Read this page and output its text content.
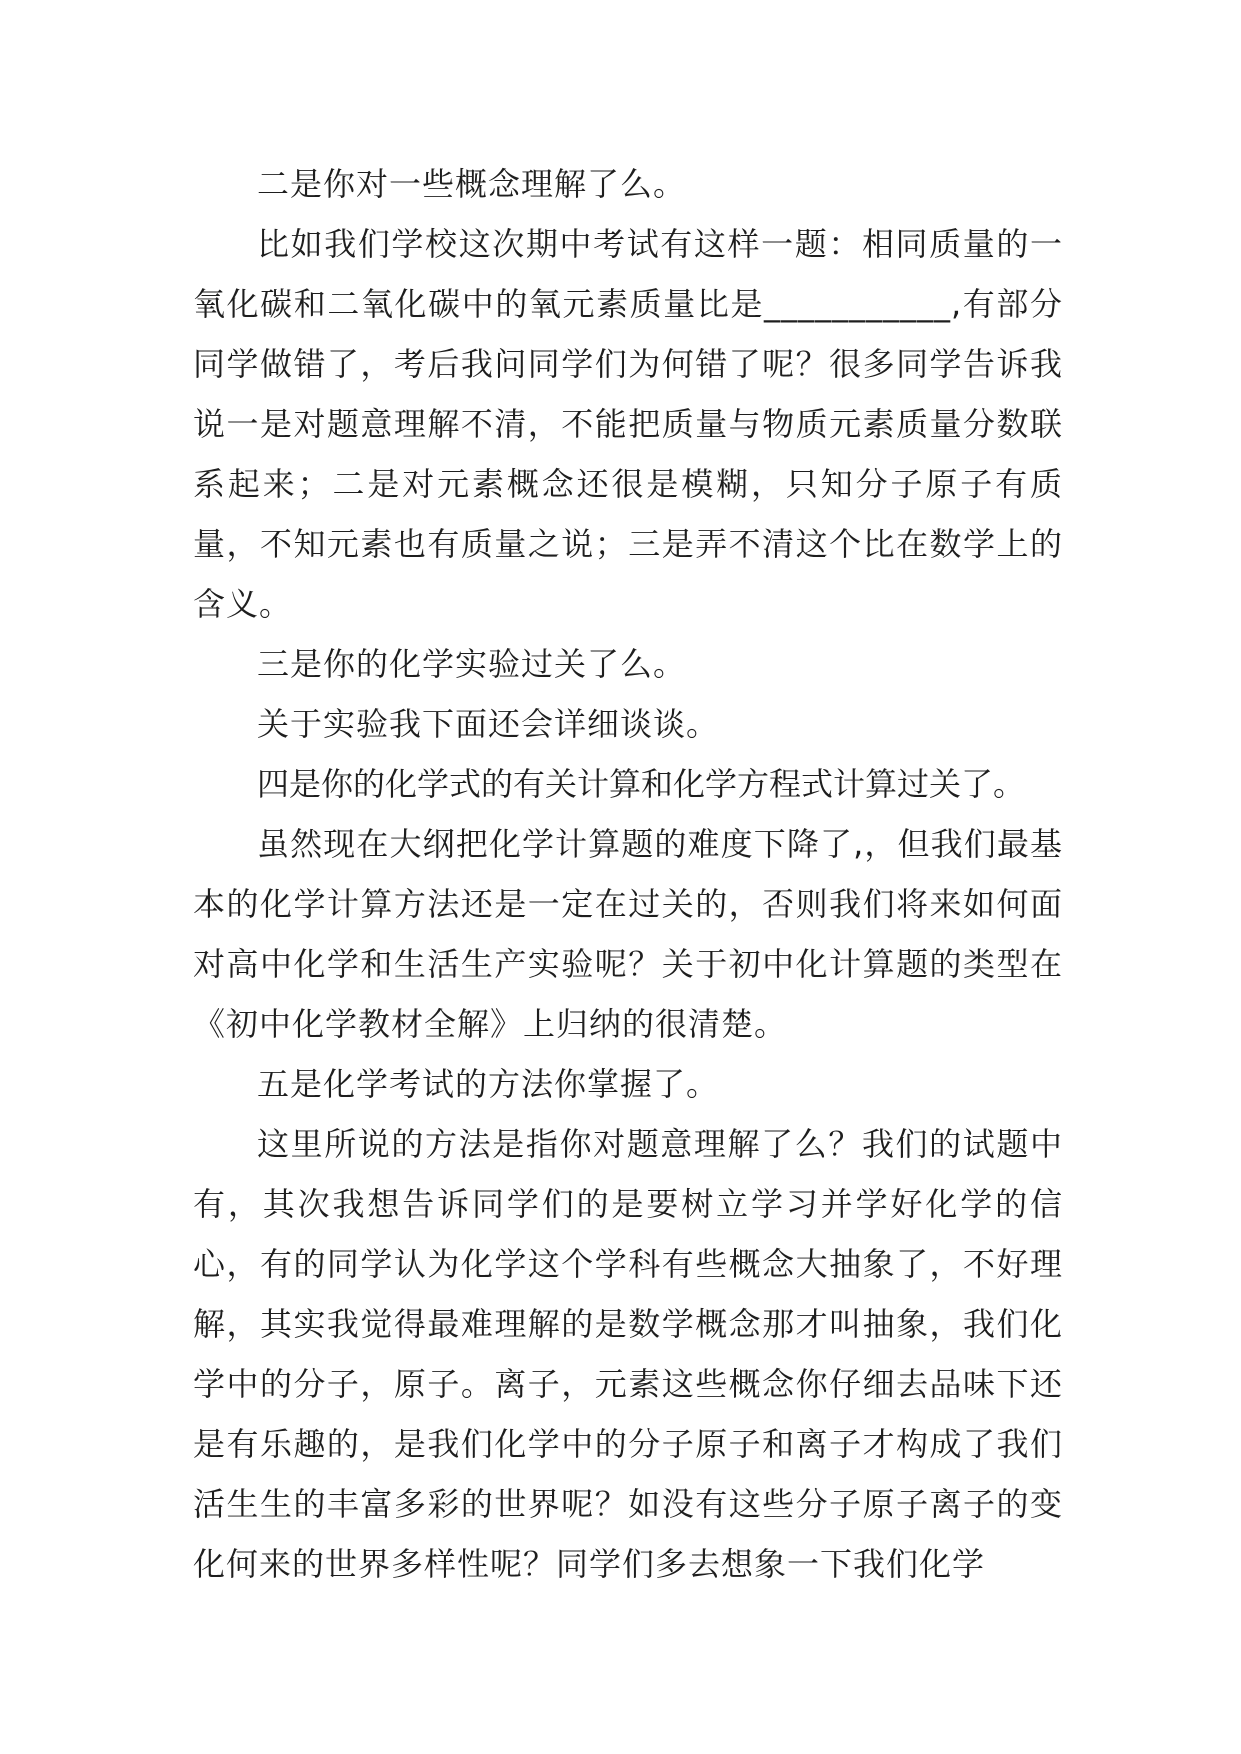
二是你对一些概念理解了么。

比如我们学校这次期中考试有这样一题：相同质量的一氧化碳和二氧化碳中的氧元素质量比是___________,有部分同学做错了，考后我问同学们为何错了呢？很多同学告诉我说一是对题意理解不清，不能把质量与物质元素质量分数联系起来；二是对元素概念还很是模糊，只知分子原子有质量，不知元素也有质量之说；三是弄不清这个比在数学上的含义。

三是你的化学实验过关了么。

关于实验我下面还会详细谈谈。

四是你的化学式的有关计算和化学方程式计算过关了。

虽然现在大纲把化学计算题的难度下降了,，但我们最基本的化学计算方法还是一定在过关的，否则我们将来如何面对高中化学和生活生产实验呢？关于初中化计算题的类型在《初中化学教材全解》上归纳的很清楚。

五是化学考试的方法你掌握了。

这里所说的方法是指你对题意理解了么？我们的试题中有，其次我想告诉同学们的是要树立学习并学好化学的信心，有的同学认为化学这个学科有些概念大抽象了，不好理解，其实我觉得最难理解的是数学概念那才叫抽象，我们化学中的分子，原子。离子，元素这些概念你仔细去品味下还是有乐趣的，是我们化学中的分子原子和离子才构成了我们活生生的丰富多彩的世界呢？如没有这些分子原子离子的变化何来的世界多样性呢？同学们多去想象一下我们化学
